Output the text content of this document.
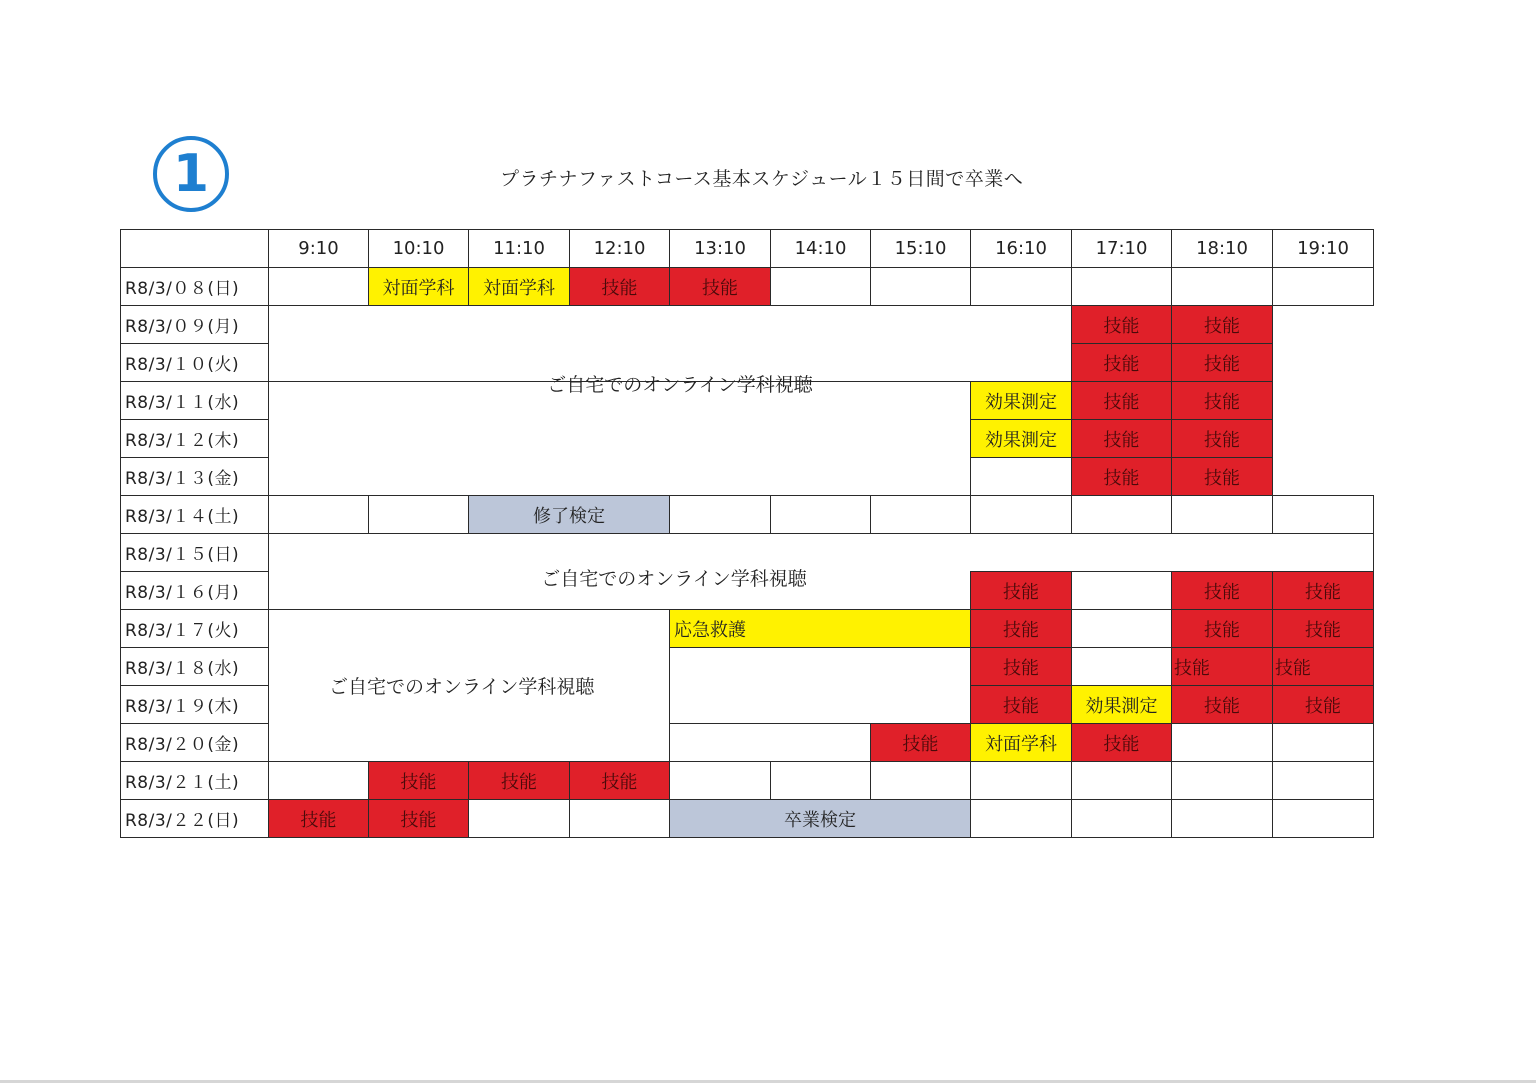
1	プラチナファストコース基本スケジュール１５日間で卒業へ
	9:10	10:10	11:10	12:10	13:10	14:10	15:10	16:10	17:10	18:10	19:10
R8/3/０８(日)		対面学科	対面学科	技能	技能						
R8/3/０９(月)	ご自宅でのオンライン学科視聴								技能	技能	
R8/3/１０(火)									技能	技能	
R8/3/１１(水)								効果測定	技能	技能	
R8/3/１２(木)								効果測定	技能	技能	
R8/3/１３(金)									技能	技能	
R8/3/１４(土)			修了検定								
R8/3/１５(日)	ご自宅でのオンライン学科視聴										
R8/3/１６(月)								技能		技能	技能
R8/3/１７(火)	ご自宅でのオンライン学科視聴				応急救護			技能		技能	技能
R8/3/１８(水)								技能		技能	技能
R8/3/１９(木)								技能	効果測定	技能	技能
R8/3/２０(金)							技能	対面学科	技能		
R8/3/２１(土)		技能	技能	技能							
R8/3/２２(日)	技能	技能			卒業検定						
